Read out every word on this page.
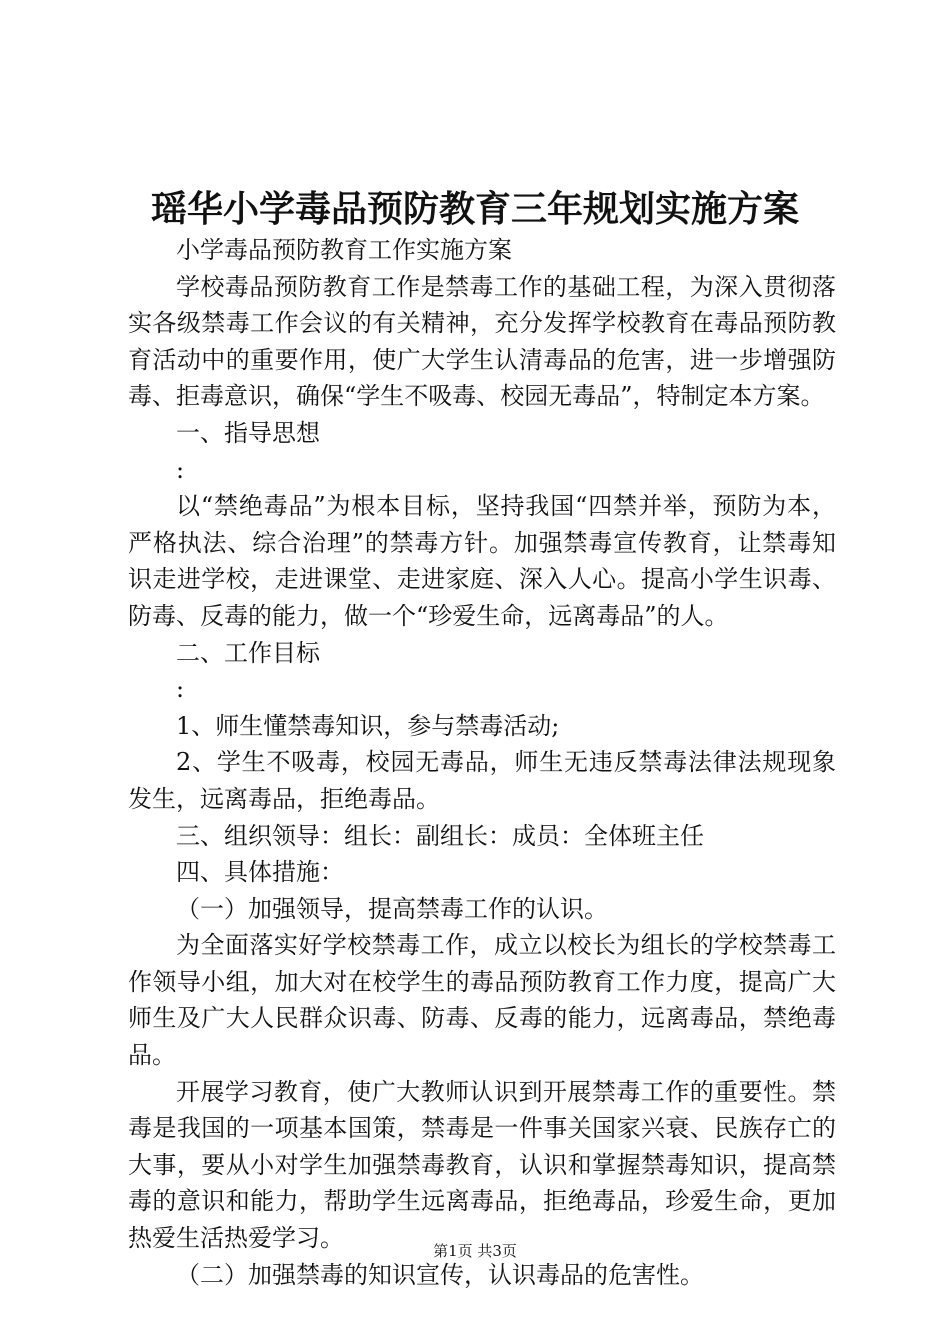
瑶华小学毒品预防教育三年规划实施方案

小学毒品预防教育工作实施方案

学校毒品预防教育工作是禁毒工作的基础工程，为深入贯彻落实各级禁毒工作会议的有关精神，充分发挥学校教育在毒品预防教育活动中的重要作用，使广大学生认清毒品的危害，进一步增强防毒、拒毒意识，确保“学生不吸毒、校园无毒品”，特制定本方案。

一、指导思想

:

以“禁绝毒品”为根本目标，坚持我国“四禁并举，预防为本，严格执法、综合治理”的禁毒方针。加强禁毒宣传教育，让禁毒知识走进学校，走进课堂、走进家庭、深入人心。提高小学生识毒、防毒、反毒的能力，做一个“珍爱生命，远离毒品”的人。

二、工作目标

:

1、师生懂禁毒知识，参与禁毒活动;

2、学生不吸毒，校园无毒品，师生无违反禁毒法律法规现象发生，远离毒品，拒绝毒品。

三、组织领导：组长：副组长：成员：全体班主任

四、具体措施：

（一）加强领导，提高禁毒工作的认识。

为全面落实好学校禁毒工作，成立以校长为组长的学校禁毒工作领导小组，加大对在校学生的毒品预防教育工作力度，提高广大师生及广大人民群众识毒、防毒、反毒的能力，远离毒品，禁绝毒品。

开展学习教育，使广大教师认识到开展禁毒工作的重要性。禁毒是我国的一项基本国策，禁毒是一件事关国家兴衰、民族存亡的大事，要从小对学生加强禁毒教育，认识和掌握禁毒知识，提高禁毒的意识和能力，帮助学生远离毒品，拒绝毒品，珍爱生命，更加热爱生活热爱学习。

（二）加强禁毒的知识宣传，认识毒品的危害性。

第1页 共3页
